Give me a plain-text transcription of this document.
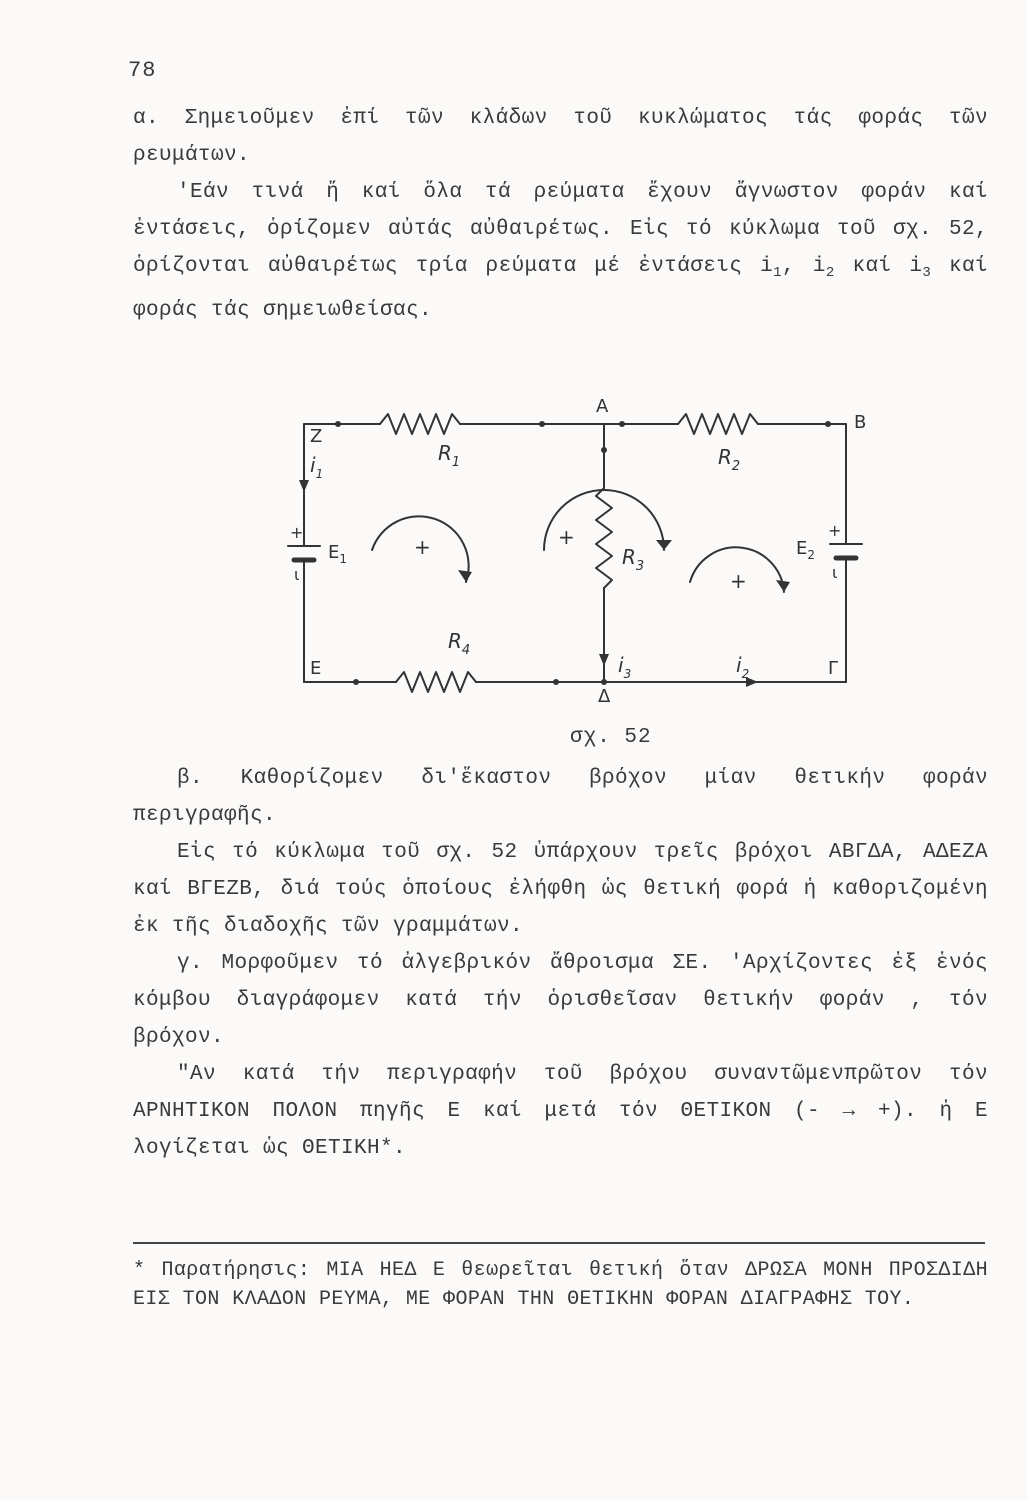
78

α. Σημειοῦμεν ἐπί τῶν κλάδων τοῦ κυκλώματος τάς φοράς τῶν ρευμάτων.

'Εάν τινά ἤ καί ὅλα τά ρεύματα ἔχουν ἄγνωστον φοράν καί ἐντάσεις, ὁρίζομεν αὐτάς αὐθαιρέτως. Εἰς τό κύκλωμα τοῦ σχ. 52, ὁρίζονται αὐθαιρέτως τρία ρεύματα μέ ἐντάσεις $i_1$, $i_2$ καί $i_3$ καί φοράς τάς σημειωθείσας.

A
B
Z
E
Δ
Γ
$R_1$	$R_2$
$R_3$
$R_4$
$E_1$	$E_2$
+
ι
+
ι
$i_1$
$i_3$	$i_2$
+	+
+
σχ. 52

β. Καθορίζομεν δι'ἕκαστον βρόχον μίαν θετικήν φοράν περιγραφῆς.

Εἰς τό κύκλωμα τοῦ σχ. 52 ὑπάρχουν τρεῖς βρόχοι ΑΒΓΔΑ, ΑΔΕΖΑ καί ΒΓΕΖΒ, διά τούς ὁποίους ἐλήφθη ὡς θετική φορά ἡ καθοριζομένη ἐκ τῆς διαδοχῆς τῶν γραμμάτων.

γ. Μορφοῦμεν τό ἀλγεβρικόν ἄθροισμα ΣΕ. 'Αρχίζοντες ἐξ ἑνός κόμβου διαγράφομεν κατά τήν ὁρισθεῖσαν θετικήν φοράν , τόν βρόχον.

"Αν κατά τήν περιγραφήν τοῦ βρόχου συναντῶμενπρῶτον τόν ΑΡΝΗΤΙΚΟΝ ΠΟΛΟΝ πηγῆς Ε καί μετά τόν ΘΕΤΙΚΟΝ (- → +). ἡ Ε λογίζεται ὡς ΘΕΤΙΚΗ*.

* Παρατήρησις: ΜΙΑ ΗΕΔ Ε θεωρεῖται θετική ὅταν ΔΡΩΣΑ ΜΟΝΗ ΠΡΟΣΔΙΔΗ ΕΙΣ ΤΟΝ ΚΛΑΔΟΝ ΡΕΥΜΑ, ΜΕ ΦΟΡΑΝ ΤΗΝ ΘΕΤΙΚΗΝ ΦΟΡΑΝ ΔΙΑΓΡΑΦΗΣ ΤΟΥ.
